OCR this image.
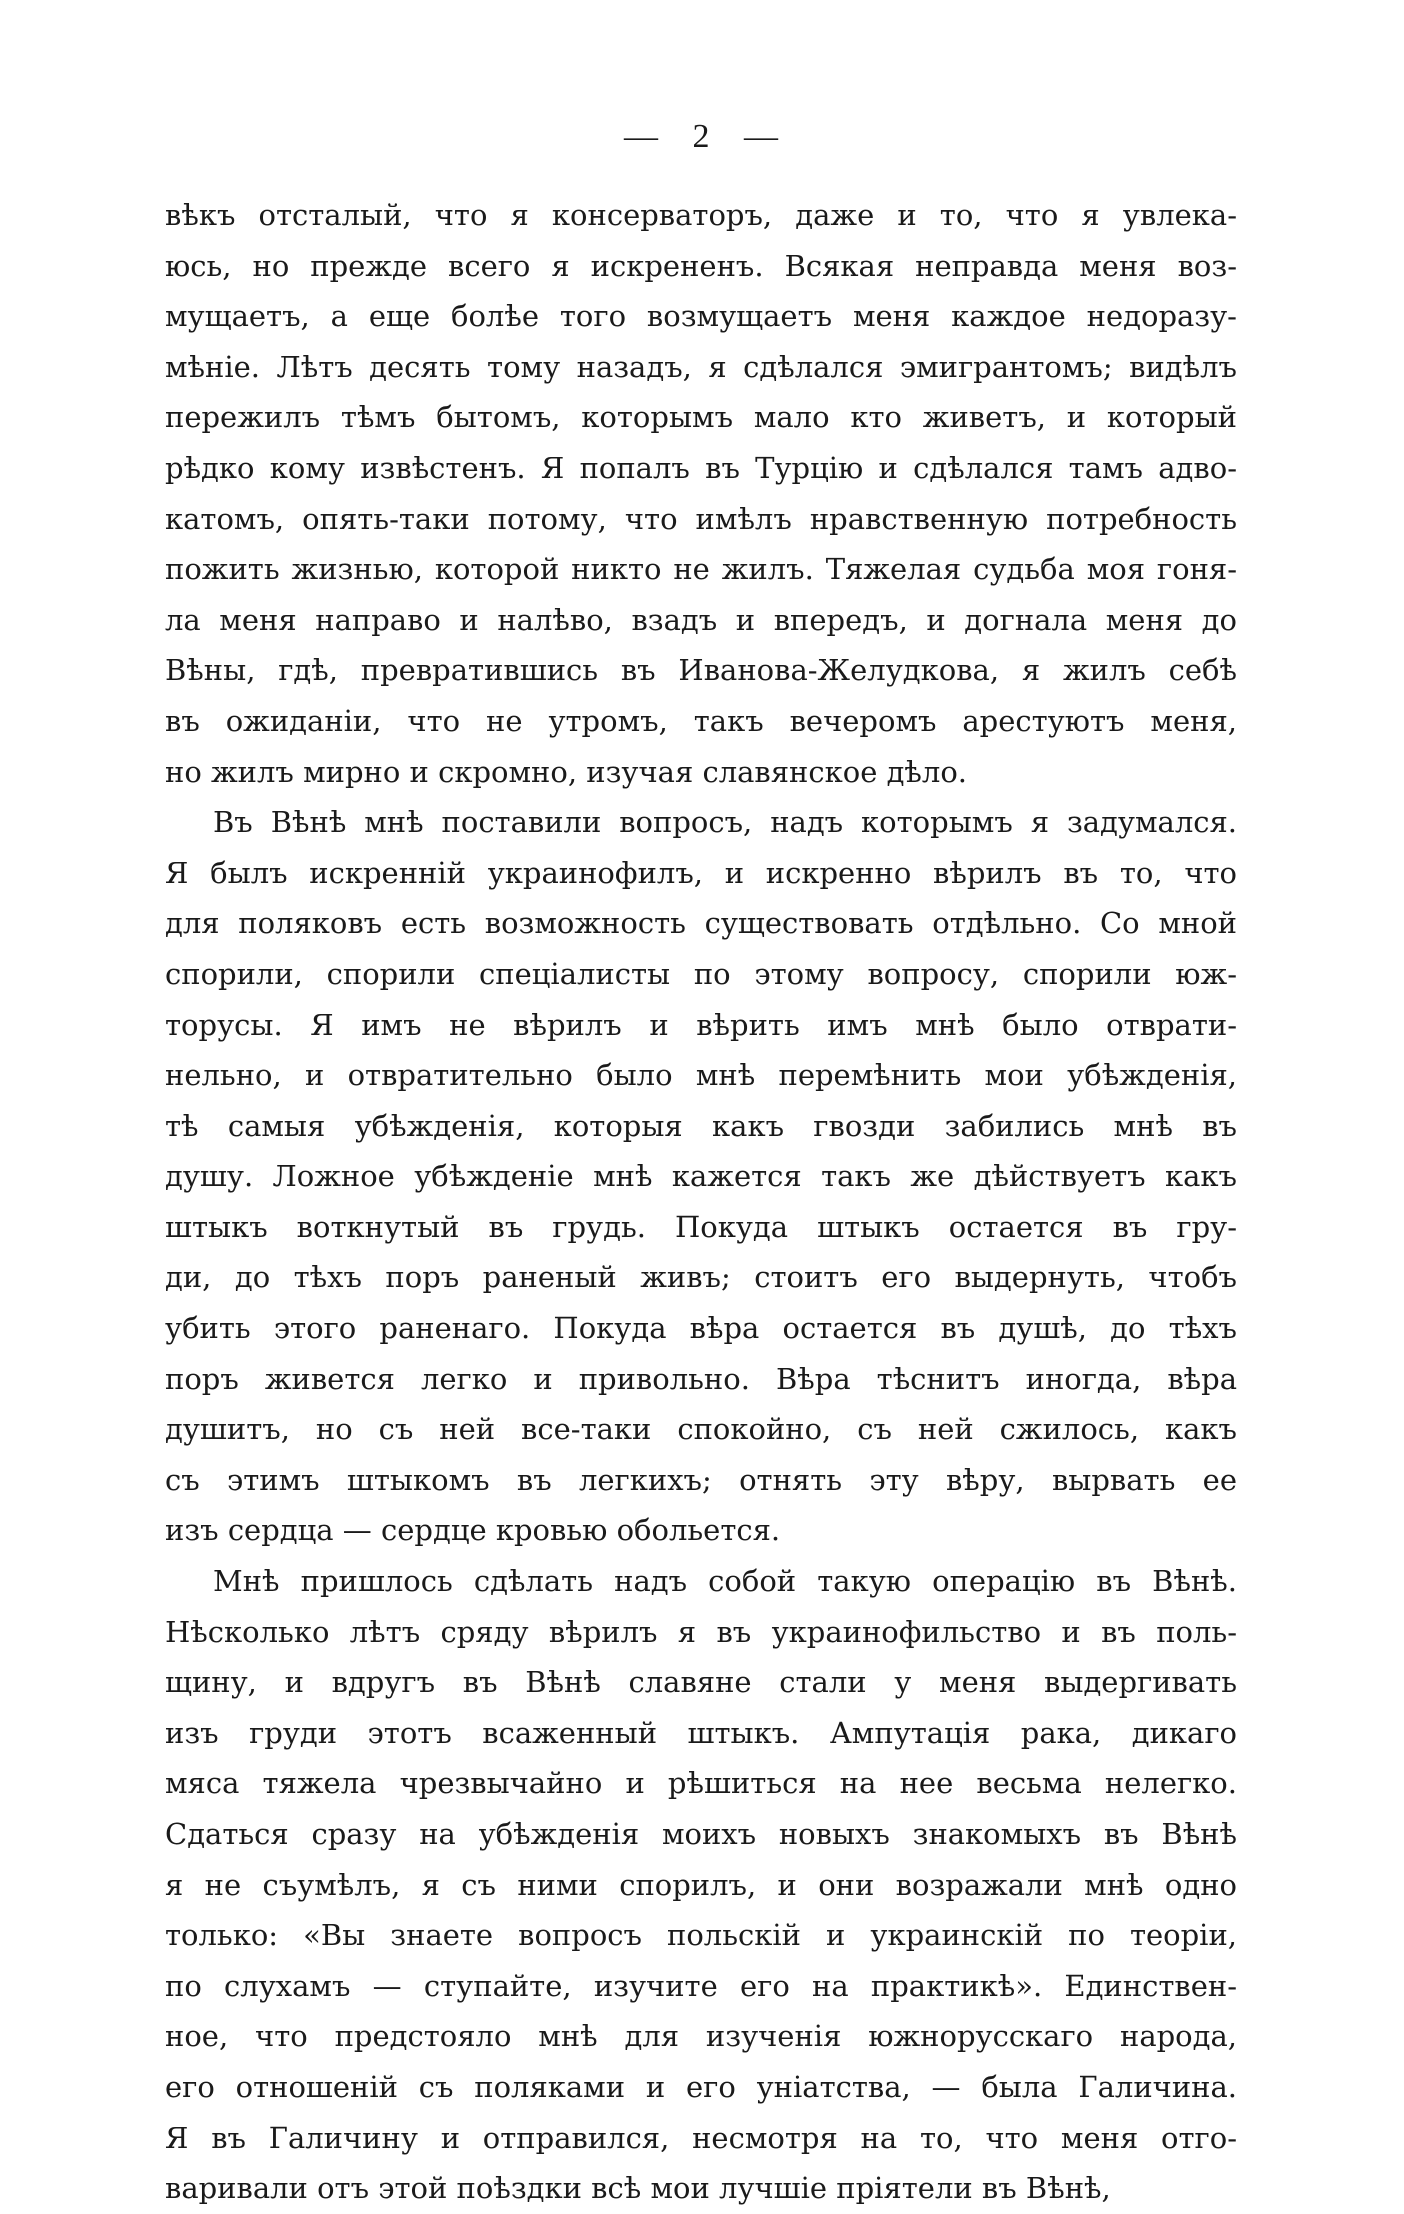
— 2 —
вѣкъ отсталый, что я консерваторъ, даже и то, что я увлека-
юсь, но прежде всего я искрененъ. Всякая неправда меня воз-
мущаетъ, а еще болѣе того возмущаетъ меня каждое недоразу-
мѣніе. Лѣтъ десять тому назадъ, я сдѣлался эмигрантомъ; видѣлъ
пережилъ тѣмъ бытомъ, которымъ мало кто живетъ, и который
рѣдко кому извѣстенъ. Я попалъ въ Турцію и сдѣлался тамъ адво-
катомъ, опять-таки потому, что имѣлъ нравственную потребность
пожить жизнью, которой никто не жилъ. Тяжелая судьба моя гоня-
ла меня направо и налѣво, взадъ и впередъ, и догнала меня до
Вѣны, гдѣ, превратившись въ Иванова-Желудкова, я жилъ себѣ
въ ожиданіи, что не утромъ, такъ вечеромъ арестуютъ меня,
но жилъ мирно и скромно, изучая славянское дѣло.
Въ Вѣнѣ мнѣ поставили вопросъ, надъ которымъ я задумался.
Я былъ искренній украинофилъ, и искренно вѣрилъ въ то, что
для поляковъ есть возможность существовать отдѣльно. Со мной
спорили, спорили спеціалисты по этому вопросу, спорили юж-
торусы. Я имъ не вѣрилъ и вѣрить имъ мнѣ было отврати-
нельно, и отвратительно было мнѣ перемѣнить мои убѣжденія,
тѣ самыя убѣжденія, которыя какъ гвозди забились мнѣ въ
душу. Ложное убѣжденіе мнѣ кажется такъ же дѣйствуетъ какъ
штыкъ воткнутый въ грудь. Покуда штыкъ остается въ гру-
ди, до тѣхъ поръ раненый живъ; стоитъ его выдернуть, чтобъ
убить этого раненаго. Покуда вѣра остается въ душѣ, до тѣхъ
поръ живется легко и привольно. Вѣра тѣснитъ иногда, вѣра
душитъ, но съ ней все-таки спокойно, съ ней сжилось, какъ
съ этимъ штыкомъ въ легкихъ; отнять эту вѣру, вырвать ее
изъ сердца — сердце кровью обольется.
Мнѣ пришлось сдѣлать надъ собой такую операцію въ Вѣнѣ.
Нѣсколько лѣтъ сряду вѣрилъ я въ украинофильство и въ поль-
щину, и вдругъ въ Вѣнѣ славяне стали у меня выдергивать
изъ груди этотъ всаженный штыкъ. Ампутація рака, дикаго
мяса тяжела чрезвычайно и рѣшиться на нее весьма нелегко.
Сдаться сразу на убѣжденія моихъ новыхъ знакомыхъ въ Вѣнѣ
я не съумѣлъ, я съ ними спорилъ, и они возражали мнѣ одно
только: «Вы знаете вопросъ польскій и украинскій по теоріи,
по слухамъ — ступайте, изучите его на практикѣ». Единствен-
ное, что предстояло мнѣ для изученія южнорусскаго народа,
его отношеній съ поляками и его уніатства, — была Галичина.
Я въ Галичину и отправился, несмотря на то, что меня отго-
варивали отъ этой поѣздки всѣ мои лучшіе пріятели въ Вѣнѣ,
